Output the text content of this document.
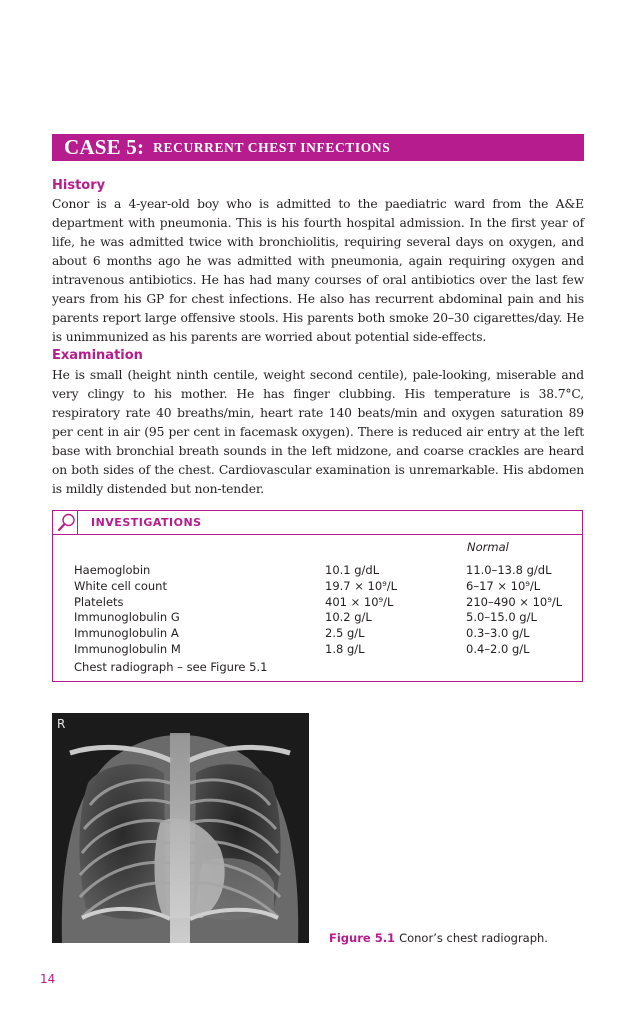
CASE 5: RECURRENT CHEST INFECTIONS
History

Conor is a 4-year-old boy who is admitted to the paediatric ward from the A&E department with pneumonia. This is his fourth hospital admission. In the first year of life, he was admitted twice with bronchiolitis, requiring several days on oxygen, and about 6 months ago he was admitted with pneumonia, again requiring oxygen and intravenous antibiotics. He has had many courses of oral antibiotics over the last few years from his GP for chest infections. He also has recurrent abdominal pain and his parents report large offensive stools. His parents both smoke 20–30 cigarettes/day. He is unimmunized as his parents are worried about potential side-effects.

Examination

He is small (height ninth centile, weight second centile), pale-looking, miserable and very clingy to his mother. He has finger clubbing. His temperature is 38.7°C, respiratory rate 40 breaths/min, heart rate 140 beats/min and oxygen saturation 89 per cent in air (95 per cent in facemask oxygen). There is reduced air entry at the left base with bronchial breath sounds in the left midzone, and coarse crackles are heard on both sides of the chest. Cardiovascular examination is unremarkable. His abdomen is mildly distended but non-tender.

INVESTIGATIONS
Normal
Haemoglobin	10.1 g/dL	11.0–13.8 g/dL
White cell count	19.7 × 10⁹/L	6–17 × 10⁹/L
Platelets	401 × 10⁹/L	210–490 × 10⁹/L
Immunoglobulin G	10.2 g/L	5.0–15.0 g/L
Immunoglobulin A	2.5 g/L	0.3–3.0 g/L
Immunoglobulin M	1.8 g/L	0.4–2.0 g/L
Chest radiograph – see Figure 5.1
R
Figure 5.1 Conor’s chest radiograph.
14
